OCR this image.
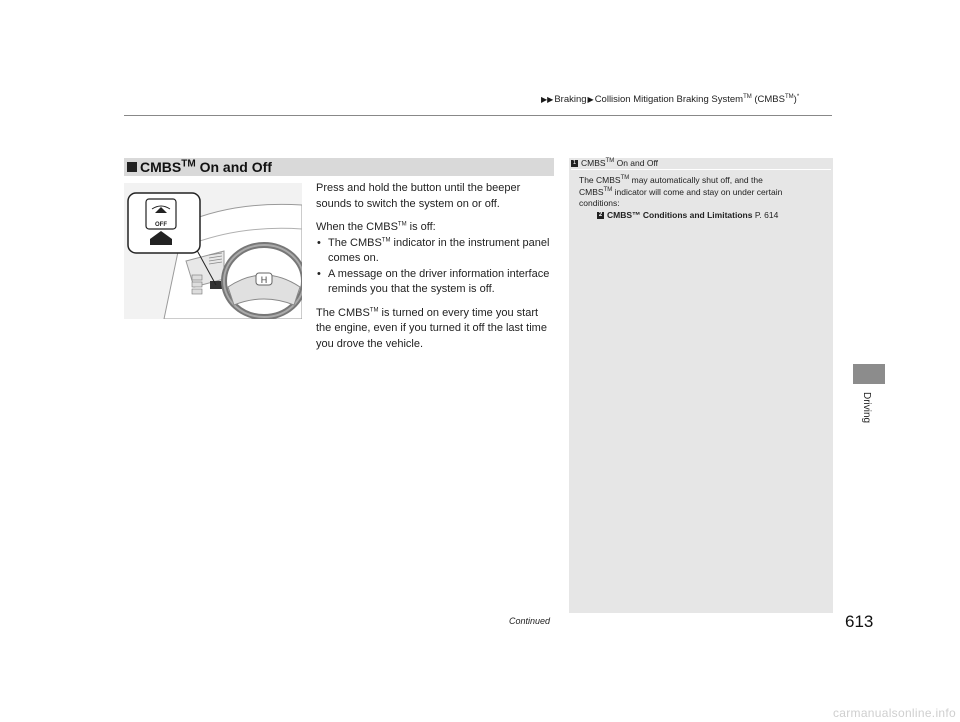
▶▶Braking▶Collision Mitigation Braking System™ (CMBS™)*
CMBS™ On and Off
H
OFF

Press and hold the button until the beeper sounds to switch the system on or off.

When the CMBS™ is off:

• The CMBS™ indicator in the instrument panel comes on.
• A message on the driver information interface reminds you that the system is off.

The CMBS™ is turned on every time you start the engine, even if you turned it off the last time you drove the vehicle.

1 CMBS™ On and Off
The CMBS™ may automatically shut off, and the
CMBS™ indicator will come and stay on under certain
conditions:
2 CMBS™ Conditions and Limitations P. 614
Driving
Continued	613
carmanualsonline.info
